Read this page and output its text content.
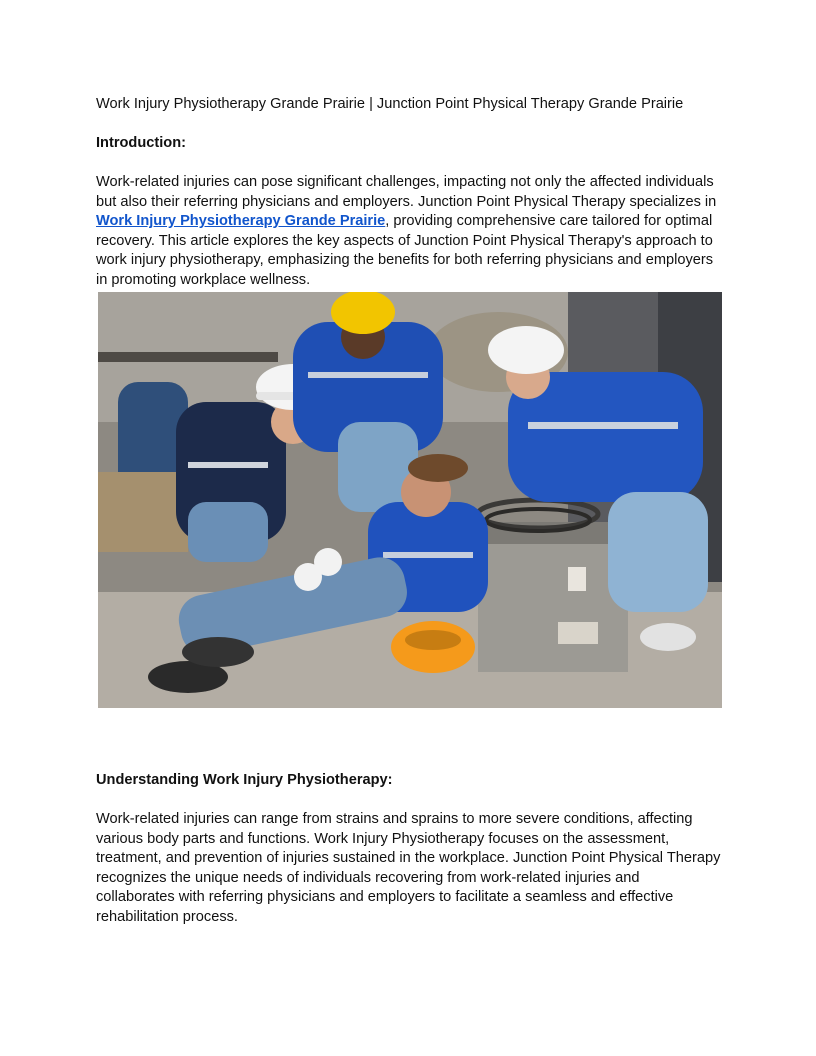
Work Injury Physiotherapy Grande Prairie | Junction Point Physical Therapy Grande Prairie
Introduction:
Work-related injuries can pose significant challenges, impacting not only the affected individuals but also their referring physicians and employers. Junction Point Physical Therapy specializes in Work Injury Physiotherapy Grande Prairie, providing comprehensive care tailored for optimal recovery. This article explores the key aspects of Junction Point Physical Therapy's approach to work injury physiotherapy, emphasizing the benefits for both referring physicians and employers in promoting workplace wellness.
Understanding Work Injury Physiotherapy:
Work-related injuries can range from strains and sprains to more severe conditions, affecting various body parts and functions. Work Injury Physiotherapy focuses on the assessment, treatment, and prevention of injuries sustained in the workplace. Junction Point Physical Therapy recognizes the unique needs of individuals recovering from work-related injuries and collaborates with referring physicians and employers to facilitate a seamless and effective rehabilitation process.
